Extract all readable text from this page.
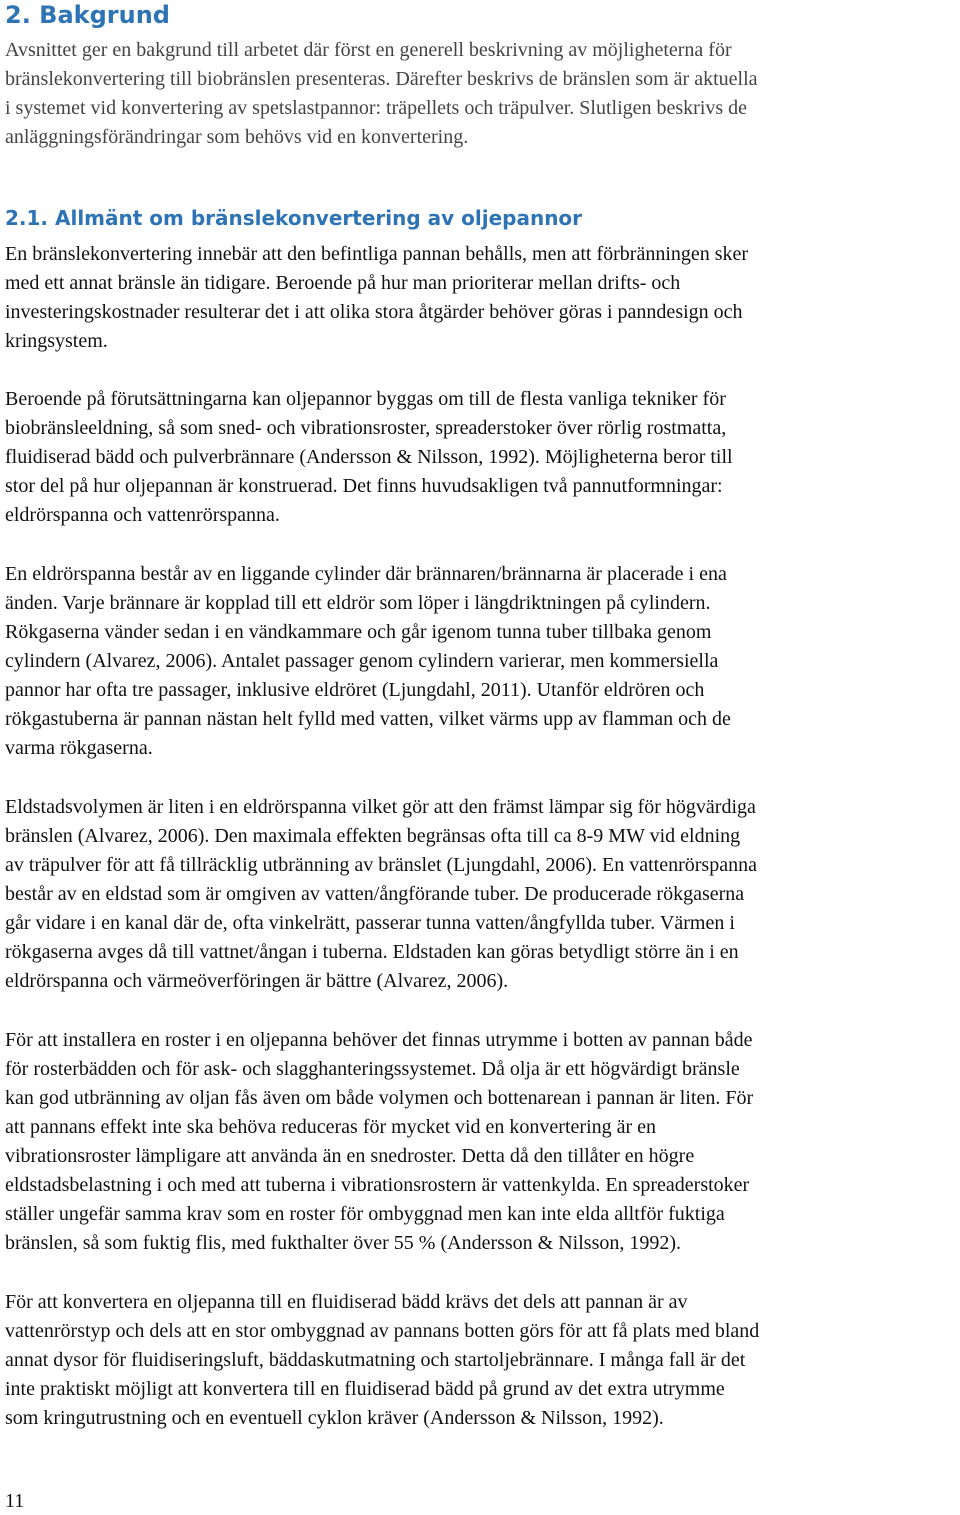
2. Bakgrund

Avsnittet ger en bakgrund till arbetet där först en generell beskrivning av möjligheterna för
bränslekonvertering till biobränslen presenteras. Därefter beskrivs de bränslen som är aktuella
i systemet vid konvertering av spetslastpannor: träpellets och träpulver. Slutligen beskrivs de
anläggningsförändringar som behövs vid en konvertering.

2.1. Allmänt om bränslekonvertering av oljepannor

En bränslekonvertering innebär att den befintliga pannan behålls, men att förbränningen sker
med ett annat bränsle än tidigare. Beroende på hur man prioriterar mellan drifts- och
investeringskostnader resulterar det i att olika stora åtgärder behöver göras i panndesign och
kringsystem.

Beroende på förutsättningarna kan oljepannor byggas om till de flesta vanliga tekniker för
biobränsleeldning, så som sned- och vibrationsroster, spreaderstoker över rörlig rostmatta,
fluidiserad bädd och pulverbrännare (Andersson & Nilsson, 1992). Möjligheterna beror till
stor del på hur oljepannan är konstruerad. Det finns huvudsakligen två pannutformningar:
eldrörspanna och vattenrörspanna.

En eldrörspanna består av en liggande cylinder där brännaren/brännarna är placerade i ena
änden. Varje brännare är kopplad till ett eldrör som löper i längdriktningen på cylindern.
Rökgaserna vänder sedan i en vändkammare och går igenom tunna tuber tillbaka genom
cylindern (Alvarez, 2006). Antalet passager genom cylindern varierar, men kommersiella
pannor har ofta tre passager, inklusive eldröret (Ljungdahl, 2011). Utanför eldrören och
rökgastuberna är pannan nästan helt fylld med vatten, vilket värms upp av flamman och de
varma rökgaserna.

Eldstadsvolymen är liten i en eldrörspanna vilket gör att den främst lämpar sig för högvärdiga
bränslen (Alvarez, 2006). Den maximala effekten begränsas ofta till ca 8-9 MW vid eldning
av träpulver för att få tillräcklig utbränning av bränslet (Ljungdahl, 2006). En vattenrörspanna
består av en eldstad som är omgiven av vatten/ångförande tuber. De producerade rökgaserna
går vidare i en kanal där de, ofta vinkelrätt, passerar tunna vatten/ångfyllda tuber. Värmen i
rökgaserna avges då till vattnet/ångan i tuberna. Eldstaden kan göras betydligt större än i en
eldrörspanna och värmeöverföringen är bättre (Alvarez, 2006).

För att installera en roster i en oljepanna behöver det finnas utrymme i botten av pannan både
för rosterbädden och för ask- och slagghanteringssystemet. Då olja är ett högvärdigt bränsle
kan god utbränning av oljan fås även om både volymen och bottenarean i pannan är liten. För
att pannans effekt inte ska behöva reduceras för mycket vid en konvertering är en
vibrationsroster lämpligare att använda än en snedroster. Detta då den tillåter en högre
eldstadsbelastning i och med att tuberna i vibrationsrostern är vattenkylda. En spreaderstoker
ställer ungefär samma krav som en roster för ombyggnad men kan inte elda alltför fuktiga
bränslen, så som fuktig flis, med fukthalter över 55 % (Andersson & Nilsson, 1992).

För att konvertera en oljepanna till en fluidiserad bädd krävs det dels att pannan är av
vattenrörstyp och dels att en stor ombyggnad av pannans botten görs för att få plats med bland
annat dysor för fluidiseringsluft, bäddaskutmatning och startoljebrännare. I många fall är det
inte praktiskt möjligt att konvertera till en fluidiserad bädd på grund av det extra utrymme
som kringutrustning och en eventuell cyklon kräver (Andersson & Nilsson, 1992).

11
